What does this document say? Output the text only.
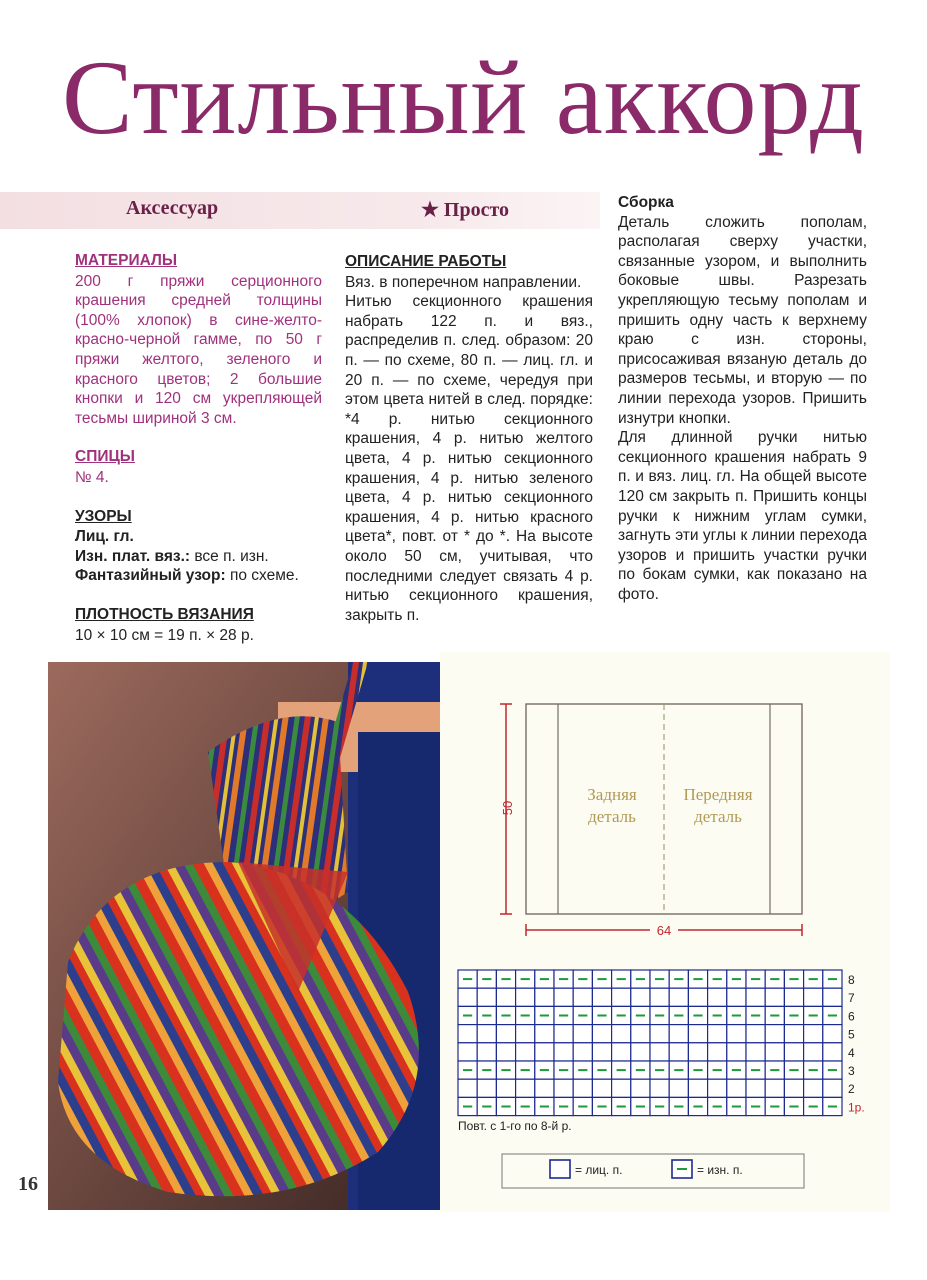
Стильный аккорд
Аксессуар	★ Просто
МАТЕРИАЛЫ

200 г пряжи серционного крашения средней толщины (100% хлопок) в сине-желто-красно-черной гамме, по 50 г пряжи желтого, зеленого и красного цветов; 2 большие кнопки и 120 см укрепляющей тесьмы шириной 3 см.

СПИЦЫ

№ 4.

УЗОРЫ

Лиц. гл.

Изн. плат. вяз.: все п. изн.

Фантазийный узор: по схеме.

ПЛОТНОСТЬ ВЯЗАНИЯ

10 × 10 см = 19 п. × 28 р.

ОПИСАНИЕ РАБОТЫ

Вяз. в поперечном направлении.

Нитью секционного крашения набрать 122 п. и вяз., распределив п. след. образом: 20 п. — по схеме, 80 п. — лиц. гл. и 20 п. — по схеме, чередуя при этом цвета нитей в след. порядке: *4 р. нитью секционного крашения, 4 р. нитью желтого цвета, 4 р. нитью секционного крашения, 4 р. нитью зеленого цвета, 4 р. нитью секционного крашения, 4 р. нитью красного цвета*, повт. от * до *. На высоте около 50 см, учитывая, что последними следует связать 4 р. нитью секционного крашения, закрыть п.

Сборка

Деталь сложить пополам, располагая сверху участки, связанные узором, и выполнить боковые швы. Разрезать укрепляющую тесьму пополам и пришить одну часть к верхнему краю с изн. стороны, присосаживая вязаную деталь до размеров тесьмы, и вторую — по линии перехода узоров. Пришить изнутри кнопки.

Для длинной ручки нитью секционного крашения набрать 9 п. и вяз. лиц. гл. На общей высоте 120 см закрыть п. Пришить концы ручки к нижним углам сумки, загнуть эти углы к линии перехода узоров и пришить участки ручки по бокам сумки, как показано на фото.

50
Задняя
деталь
Передняя
деталь
64
8
7
6
5
4
3
2
1р.
Повт. с 1-го по 8-й р.
= лиц. п.	= изн. п.
16
